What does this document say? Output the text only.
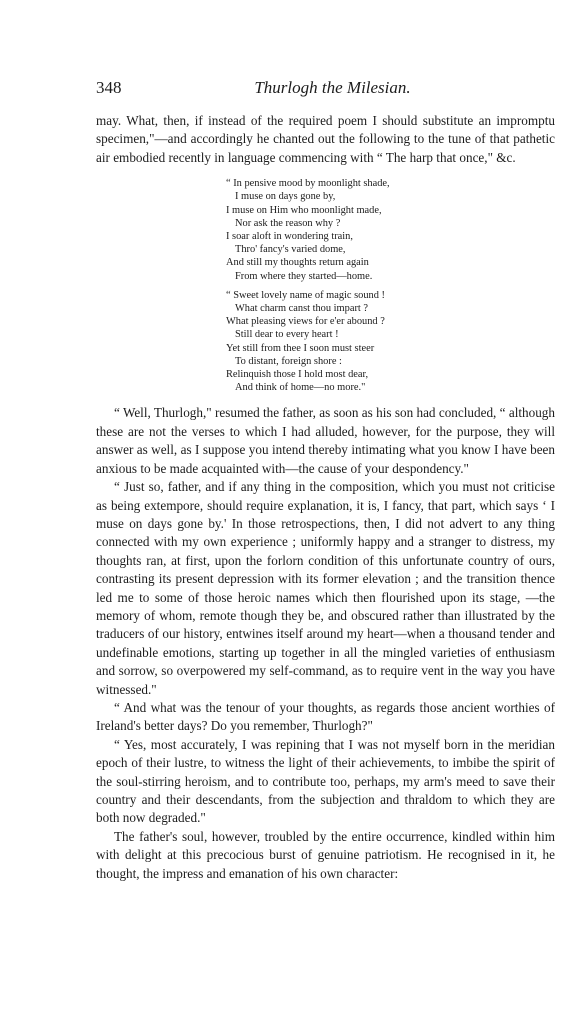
348	Thurlogh the Milesian.

may. What, then, if instead of the required poem I should substitute an impromptu specimen,"—and accordingly he chanted out the following to the tune of that pathetic air embodied recently in language commencing with “ The harp that once," &c.

“ In pensive mood by moonlight shade,
I muse on days gone by,
I muse on Him who moonlight made,
Nor ask the reason why ?
I soar aloft in wondering train,
Thro' fancy's varied dome,
And still my thoughts return again
From where they started—home.
“ Sweet lovely name of magic sound !
What charm canst thou impart ?
What pleasing views for e'er abound ?
Still dear to every heart !
Yet still from thee I soon must steer
To distant, foreign shore :
Relinquish those I hold most dear,
And think of home—no more."

“ Well, Thurlogh," resumed the father, as soon as his son had concluded, “ although these are not the verses to which I had alluded, however, for the purpose, they will answer as well, as I suppose you intend thereby intimating what you know I have been anxious to be made acquainted with—the cause of your despondency."

“ Just so, father, and if any thing in the composition, which you must not criticise as being extempore, should require explanation, it is, I fancy, that part, which says ‘ I muse on days gone by.' In those retrospections, then, I did not advert to any thing connected with my own experience ; uniformly happy and a stranger to distress, my thoughts ran, at first, upon the forlorn condition of this unfortunate country of ours, contrasting its present depression with its former elevation ; and the transition thence led me to some of those heroic names which then flourished upon its stage, —the memory of whom, remote though they be, and obscured rather than illustrated by the traducers of our history, entwines itself around my heart—when a thousand tender and undefinable emotions, starting up together in all the mingled varieties of enthusiasm and sorrow, so overpowered my self-command, as to require vent in the way you have witnessed."

“ And what was the tenour of your thoughts, as regards those ancient worthies of Ireland's better days? Do you remember, Thurlogh?"

“ Yes, most accurately, I was repining that I was not myself born in the meridian epoch of their lustre, to witness the light of their achievements, to imbibe the spirit of the soul-stirring heroism, and to contribute too, perhaps, my arm's meed to save their country and their descendants, from the subjection and thraldom to which they are both now degraded."

The father's soul, however, troubled by the entire occurrence, kindled within him with delight at this precocious burst of genuine patriotism. He recognised in it, he thought, the impress and emanation of his own character:
